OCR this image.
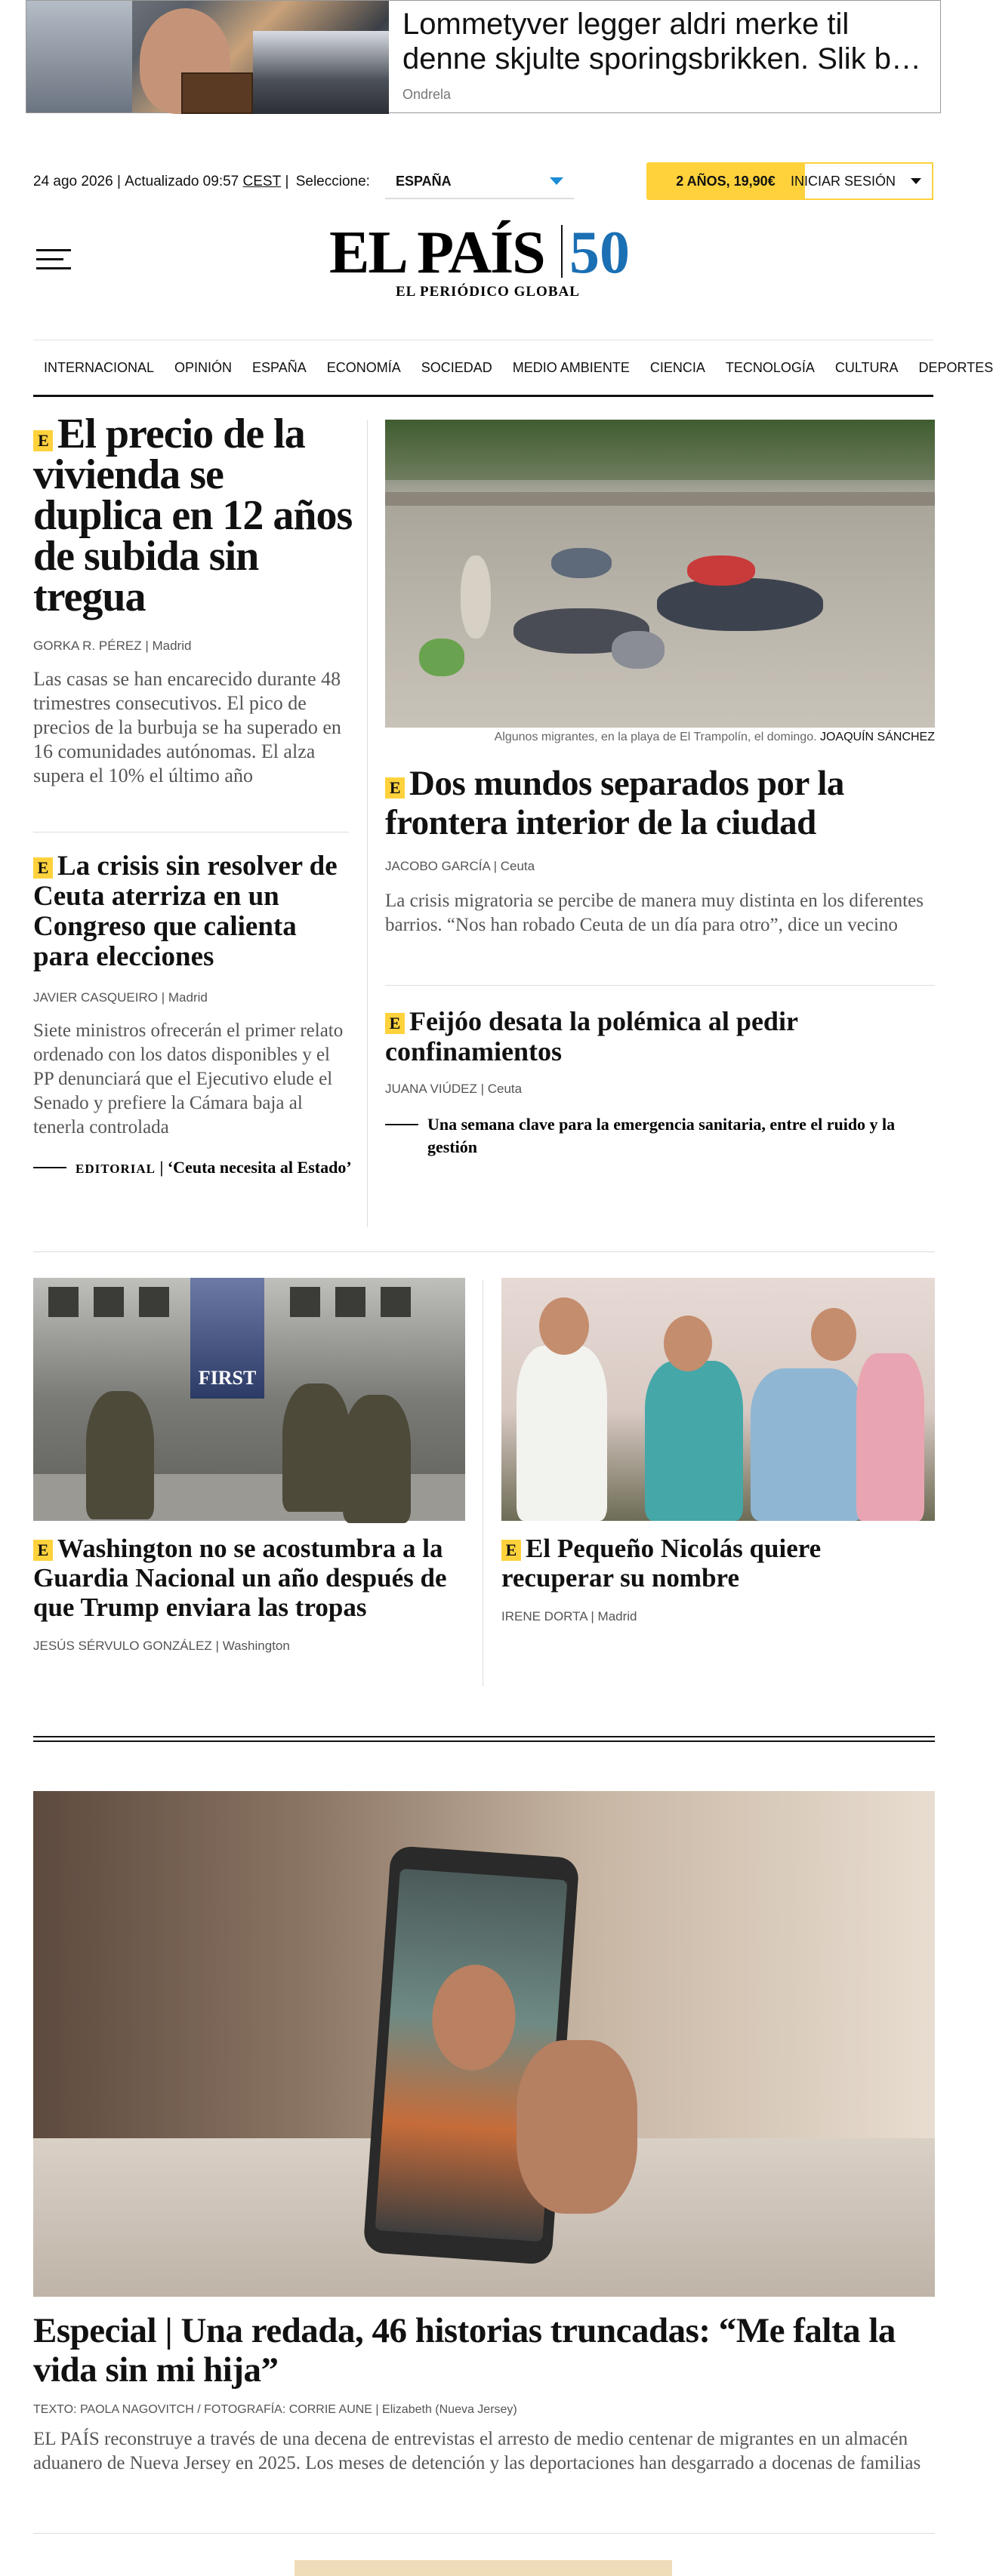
Lommetyver legger aldri merke til
denne skjulte sporingsbrikken. Slik b…
Ondrela
24 ago 2026 | Actualizado 09:57
CEST | Seleccione: ESPAÑA	2 AÑOS, 19,90€	INICIAR SESIÓN
EL PAÍS 50
EL PERIÓDICO GLOBAL
INTERNACIONAL OPINIÓN ESPAÑA ECONOMÍA SOCIEDAD MEDIO AMBIENTE CIENCIA TECNOLOGÍA CULTURA DEPORTES
E El precio de la vivienda se duplica en 12 años de subida sin tregua
GORKA R. PÉREZ | Madrid

Las casas se han encarecido durante 48 trimestres consecutivos. El pico de precios de la burbuja se ha superado en 16 comunidades autónomas. El alza supera el 10% el último año

E La crisis sin resolver de Ceuta aterriza en un Congreso que calienta para elecciones
JAVIER CASQUEIRO | Madrid

Siete ministros ofrecerán el primer relato ordenado con los datos disponibles y el PP denunciará que el Ejecutivo elude el Senado y prefiere la Cámara baja al tenerla controlada

EDITORIAL | ‘Ceuta necesita al Estado’
Algunos migrantes, en la playa de El Trampolín, el domingo. JOAQUÍN SÁNCHEZ
E Dos mundos separados por la frontera interior de la ciudad
JACOBO GARCÍA | Ceuta

La crisis migratoria se percibe de manera muy distinta en los diferentes barrios. “Nos han robado Ceuta de un día para otro”, dice un vecino

E Feijóo desata la polémica al pedir confinamientos
JUANA VIÚDEZ | Ceuta
Una semana clave para la emergencia sanitaria, entre el ruido y la gestión
FIRST
E Washington no se acostumbra a la Guardia Nacional un año después de que Trump enviara las tropas
JESÚS SÉRVULO GONZÁLEZ | Washington
E El Pequeño Nicolás quiere recuperar su nombre
IRENE DORTA | Madrid
Especial | Una redada, 46 historias truncadas: “Me falta la vida sin mi hija”
TEXTO: PAOLA NAGOVITCH / FOTOGRAFÍA: CORRIE AUNE | Elizabeth (Nueva Jersey)

EL PAÍS reconstruye a través de una decena de entrevistas el arresto de medio centenar de migrantes en un almacén aduanero de Nueva Jersey en 2025. Los meses de detención y las deportaciones han desgarrado a docenas de familias
